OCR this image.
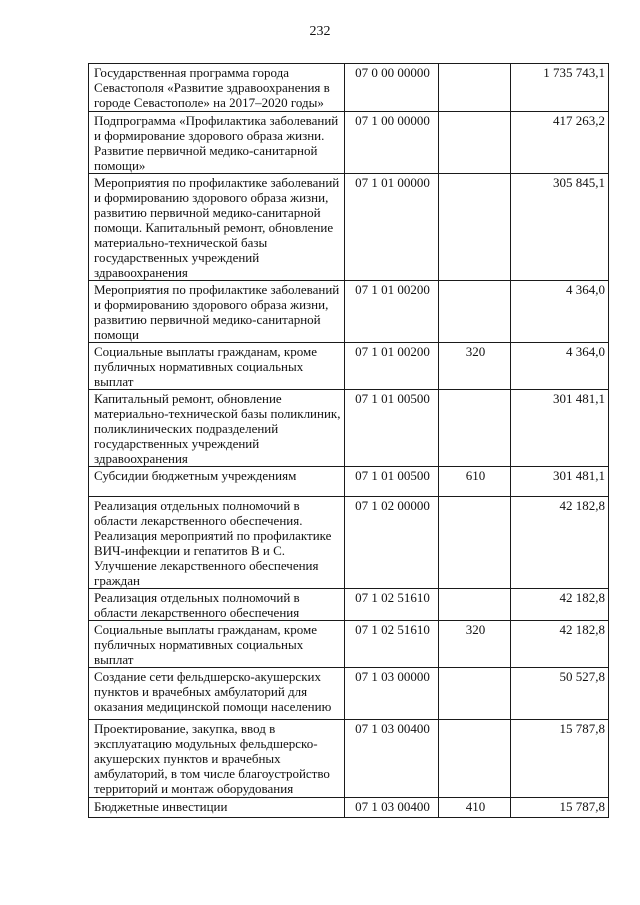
232
Государственная программа города Севастополя «Развитие здравоохранения в городе Севастополе» на 2017–2020 годы»	07 0 00 00000		1 735 743,1
Подпрограмма «Профилактика заболеваний и формирование здорового образа жизни. Развитие первичной медико-санитарной помощи»	07 1 00 00000		417 263,2
Мероприятия по профилактике заболеваний и формированию здорового образа жизни, развитию первичной медико-санитарной помощи. Капитальный ремонт, обновление материально-технической базы государственных учреждений здравоохранения	07 1 01 00000		305 845,1
Мероприятия по профилактике заболеваний и формированию здорового образа жизни, развитию первичной медико-санитарной помощи	07 1 01 00200		4 364,0
Социальные выплаты гражданам, кроме публичных нормативных социальных выплат	07 1 01 00200	320	4 364,0
Капитальный ремонт, обновление материально-технической базы поликлиник, поликлинических подразделений государственных учреждений здравоохранения	07 1 01 00500		301 481,1
Субсидии бюджетным учреждениям	07 1 01 00500	610	301 481,1
Реализация отдельных полномочий в области лекарственного обеспечения. Реализация мероприятий по профилактике ВИЧ-инфекции и гепатитов В и С. Улучшение лекарственного обеспечения граждан	07 1 02 00000		42 182,8
Реализация отдельных полномочий в области лекарственного обеспечения	07 1 02 51610		42 182,8
Социальные выплаты гражданам, кроме публичных нормативных социальных выплат	07 1 02 51610	320	42 182,8
Создание сети фельдшерско-акушерских пунктов и врачебных амбулаторий для оказания медицинской помощи населению	07 1 03 00000		50 527,8
Проектирование, закупка, ввод в эксплуатацию модульных фельдшерско-акушерских пунктов и врачебных амбулаторий, в том числе благоустройство территорий и монтаж оборудования	07 1 03 00400		15 787,8
Бюджетные инвестиции	07 1 03 00400	410	15 787,8
